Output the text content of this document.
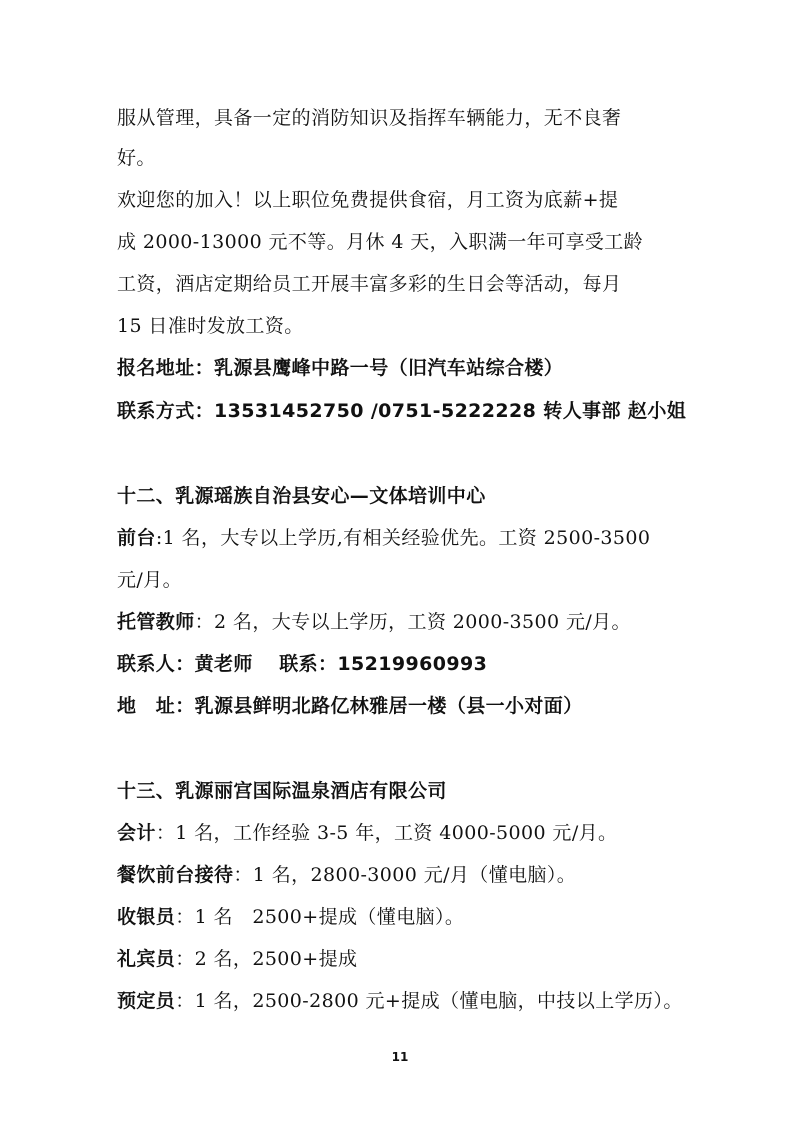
服从管理，具备一定的消防知识及指挥车辆能力，无不良奢
好。
欢迎您的加入！以上职位免费提供食宿，月工资为底薪+提
成 2000-13000 元不等。月休 4 天，入职满一年可享受工龄
工资，酒店定期给员工开展丰富多彩的生日会等活动，每月
15 日准时发放工资。
报名地址：乳源县鹰峰中路一号（旧汽车站综合楼）
联系方式：13531452750 /0751-5222228 转人事部 赵小姐
十二、乳源瑶族自治县安心—文体培训中心
前台:1 名，大专以上学历,有相关经验优先。工资 2500-3500
元/月。
托管教师：2 名，大专以上学历，工资 2000-3500 元/月。
联系人：黄老师　 联系：15219960993
地　址：乳源县鲜明北路亿林雅居一楼（县一小对面）
十三、乳源丽宫国际温泉酒店有限公司
会计：1 名，工作经验 3-5 年，工资 4000-5000 元/月。
餐饮前台接待：1 名，2800-3000 元/月（懂电脑）。
收银员：1 名　2500+提成（懂电脑）。
礼宾员：2 名，2500+提成
预定员：1 名，2500-2800 元+提成（懂电脑，中技以上学历）。
11
